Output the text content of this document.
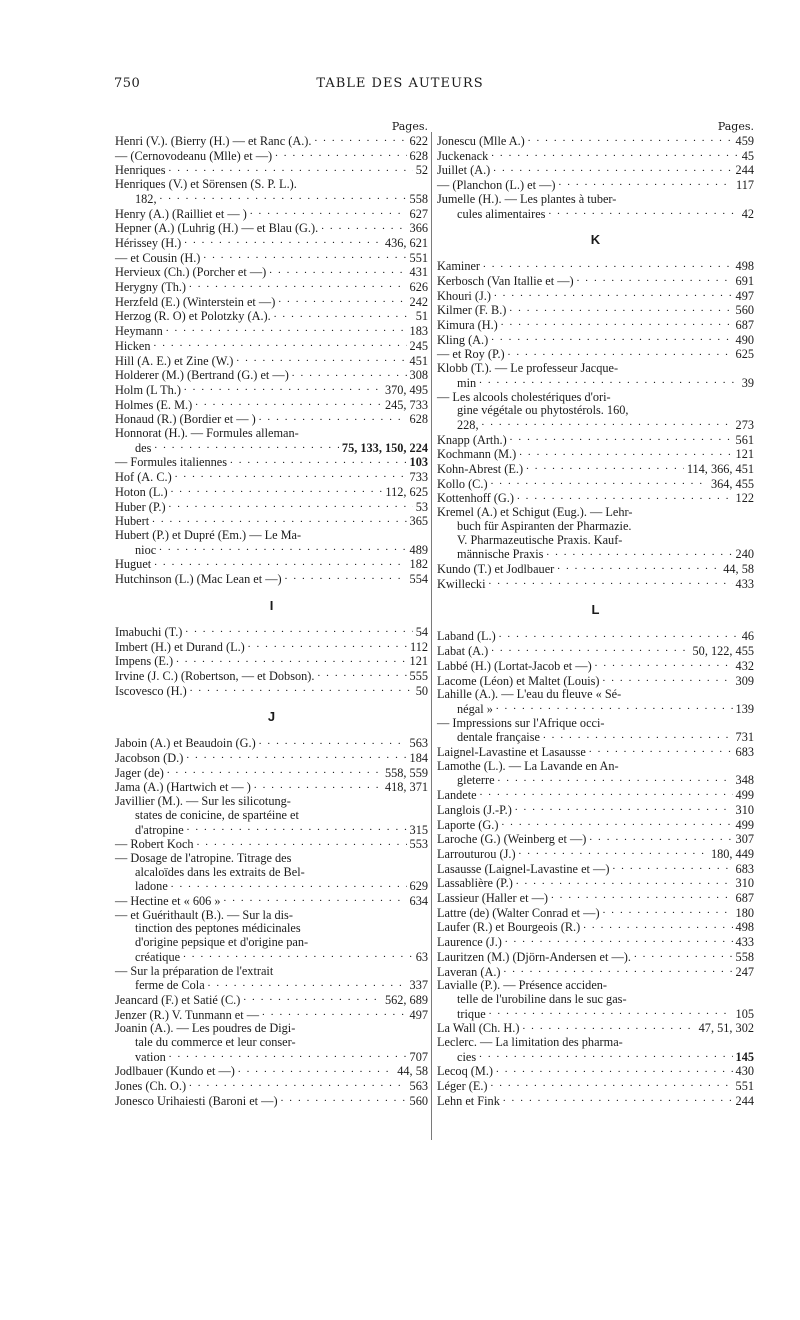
750	TABLE DES AUTEURS
Pages.
Henri (V.). (Bierry (H.) — et Ranc (A.). . . .	622
— (Cernovodeanu (Mlle) et —) . . .	628
Henriques . . .	52
Henriques (V.) et Sörensen (S. P. L.).
182, . . .	558
Henry (A.) (Railliet et — ) . . .	627
Hepner (A.) (Luhrig (H.) — et Blau (G.). . . .	366
Hérissey (H.) . . .	436, 621
— et Cousin (H.) . . .	551
Hervieux (Ch.) (Porcher et —) . . .	431
Herygny (Th.) . . .	626
Herzfeld (E.) (Winterstein et —) . . .	242
Herzog (R. O) et Polotzky (A.). . . .	51
Heymann . . .	183
Hicken . . .	245
Hill (A. E.) et Zine (W.) . . .	451
Holderer (M.) (Bertrand (G.) et —) . . .	308
Holm (L Th.) . . .	370, 495
Holmes (E. M.) . . .	245, 733
Honaud (R.) (Bordier et — ) . . .	628
Honnorat (H.). — Formules alleman-
des . . .	75, 133, 150, 224
— Formules italiennes . . .	103
Hof (A. C.) . . .	733
Hoton (L.) . . .	112, 625
Huber (P.) . . .	53
Hubert . . .	365
Hubert (P.) et Dupré (Em.) — Le Ma-
nioc . . .	489
Huguet . . .	182
Hutchinson (L.) (Mac Lean et —) . . .	554
I
Imabuchi (T.) . . .	54
Imbert (H.) et Durand (L.) . . .	112
Impens (E.) . . .	121
Irvine (J. C.) (Robertson, — et Dobson). . . .	555
Iscovesco (H.) . . .	50
J
Jaboin (A.) et Beaudoin (G.) . . .	563
Jacobson (D.) . . .	184
Jager (de) . . .	558, 559
Jama (A.) (Hartwich et — ) . . .	418, 371
Javillier (M.). — Sur les silicotung-
states de conicine, de spartéine et
d'atropine . . .	315
— Robert Koch . . .	553
— Dosage de l'atropine. Titrage des
alcaloïdes dans les extraits de Bel-
ladone . . .	629
— Hectine et « 606 » . . .	634
— et Guérithault (B.). — Sur la dis-
tinction des peptones médicinales
d'origine pepsique et d'origine pan-
créatique . . .	63
— Sur la préparation de l'extrait
ferme de Cola . . .	337
Jeancard (F.) et Satié (C.) . . .	562, 689
Jenzer (R.) V. Tunmann et — . . .	497
Joanin (A.). — Les poudres de Digi-
tale du commerce et leur conser-
vation . . .	707
Jodlbauer (Kundo et —) . . .	44, 58
Jones (Ch. O.) . . .	563
Jonesco Urihaiesti (Baroni et —) . . .	560
Pages.
Jonescu (Mlle A.) . . .	459
Juckenack . . .	45
Juillet (A.) . . .	244
— (Planchon (L.) et —) . . .	117
Jumelle (H.). — Les plantes à tuber-
cules alimentaires . . .	42
K
Kaminer . . .	498
Kerbosch (Van Itallie et —) . . .	691
Khouri (J.) . . .	497
Kilmer (F. B.) . . .	560
Kimura (H.) . . .	687
Kling (A.) . . .	490
— et Roy (P.) . . .	625
Klobb (T.). — Le professeur Jacque-
min . . .	39
— Les alcools cholestériques d'ori-
gine végétale ou phytostérols. 160,
228, . . .	273
Knapp (Arth.) . . .	561
Kochmann (M.) . . .	121
Kohn-Abrest (E.) . . .	114, 366, 451
Kollo (C.) . . .	364, 455
Kottenhoff (G.) . . .	122
Kremel (A.) et Schigut (Eug.). — Lehr-
buch für Aspiranten der Pharmazie.
V. Pharmazeutische Praxis. Kauf-
männische Praxis . . .	240
Kundo (T.) et Jodlbauer . . .	44, 58
Kwillecki . . .	433
L
Laband (L.) . . .	46
Labat (A.) . . .	50, 122, 455
Labbé (H.) (Lortat-Jacob et —) . . .	432
Lacome (Léon) et Maltet (Louis) . . .	309
Lahille (A.). — L'eau du fleuve « Sé-
négal » . . .	139
— Impressions sur l'Afrique occi-
dentale française . . .	731
Laignel-Lavastine et Lasausse . . .	683
Lamothe (L.). — La Lavande en An-
gleterre . . .	348
Landete . . .	499
Langlois (J.-P.) . . .	310
Laporte (G.) . . .	499
Laroche (G.) (Weinberg et —) . . .	307
Larrouturou (J.) . . .	180, 449
Lasausse (Laignel-Lavastine et —) . . .	683
Lassablière (P.) . . .	310
Lassieur (Haller et —) . . .	687
Lattre (de) (Walter Conrad et —) . . .	180
Laufer (R.) et Bourgeois (R.) . . .	498
Laurence (J.) . . .	433
Lauritzen (M.) (Djörn-Andersen et —). . . .	558
Laveran (A.) . . .	247
Lavialle (P.). — Présence acciden-
telle de l'urobiline dans le suc gas-
trique . . .	105
La Wall (Ch. H.) . . .	47, 51, 302
Leclerc. — La limitation des pharma-
cies . . .	145
Lecoq (M.) . . .	430
Léger (E.) . . .	551
Lehn et Fink . . .	244
